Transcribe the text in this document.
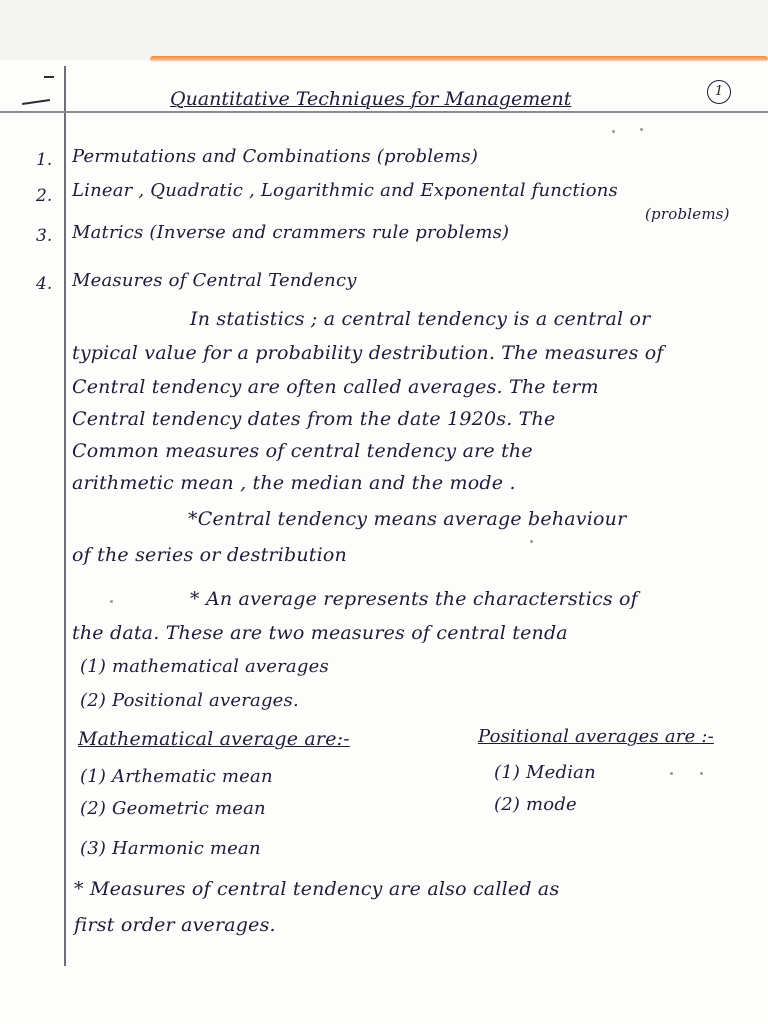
Quantitative Techniques for Management	1
1. Permutations and Combinations (problems)
2. Linear , Quadratic , Logarithmic and Exponental functions
(problems)
3. Matrics (Inverse and crammers rule problems)
4. Measures of Central Tendency
In statistics ; a central tendency is a central or
typical value for a probability destribution. The measures of
Central tendency are often called averages. The term
Central tendency dates from the date 1920s. The
Common measures of central tendency are the
arithmetic mean , the median and the mode .
*Central tendency means average behaviour
of the series or destribution
* An average represents the characterstics of
the data. These are two measures of central tenda
(1) mathematical averages
(2) Positional averages.
Mathematical average are:-	Positional averages are :-
(1) Arthematic mean
(2) Geometric mean
(3) Harmonic mean
(1) Median
(2) mode
* Measures of central tendency are also called as
first order averages.
